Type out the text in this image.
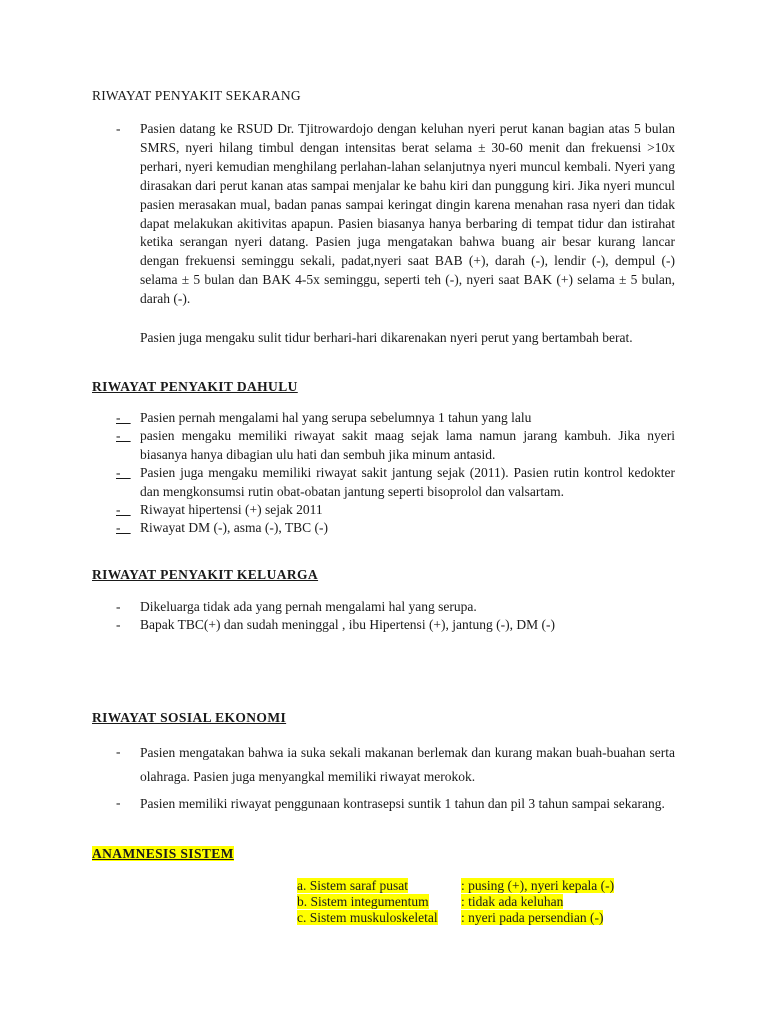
RIWAYAT PENYAKIT SEKARANG
- Pasien datang ke RSUD Dr. Tjitrowardojo dengan keluhan nyeri perut kanan bagian atas 5 bulan SMRS, nyeri hilang timbul dengan intensitas berat selama ± 30-60 menit dan frekuensi >10x perhari, nyeri kemudian menghilang perlahan-lahan selanjutnya nyeri muncul kembali. Nyeri yang dirasakan dari perut kanan atas sampai menjalar ke bahu kiri dan punggung kiri. Jika nyeri muncul pasien merasakan mual, badan panas sampai keringat dingin karena menahan rasa nyeri dan tidak dapat melakukan akitivitas apapun. Pasien biasanya hanya berbaring di tempat tidur dan istirahat ketika serangan nyeri datang. Pasien juga mengatakan bahwa buang air besar kurang lancar dengan frekuensi seminggu sekali, padat,nyeri saat BAB (+), darah (-), lendir (-), dempul (-) selama ± 5 bulan dan BAK 4-5x seminggu, seperti teh (-), nyeri saat BAK (+) selama ± 5 bulan, darah (-).

Pasien juga mengaku sulit tidur berhari-hari dikarenakan nyeri perut yang bertambah berat.

RIWAYAT PENYAKIT DAHULU
- Pasien pernah mengalami hal yang serupa sebelumnya 1 tahun yang lalu
- pasien mengaku memiliki riwayat sakit maag sejak lama namun jarang kambuh. Jika nyeri biasanya hanya dibagian ulu hati dan sembuh jika minum antasid.
- Pasien juga mengaku memiliki riwayat sakit jantung sejak (2011). Pasien rutin kontrol kedokter dan mengkonsumsi rutin obat-obatan jantung seperti bisoprolol dan valsartam.
- Riwayat hipertensi (+) sejak 2011
- Riwayat DM (-), asma (-), TBC (-)
RIWAYAT PENYAKIT KELUARGA
- Dikeluarga tidak ada yang pernah mengalami hal yang serupa.
- Bapak TBC(+) dan sudah meninggal , ibu Hipertensi (+), jantung (-), DM (-)
RIWAYAT SOSIAL EKONOMI
- Pasien mengatakan bahwa ia suka sekali makanan berlemak dan kurang makan buah-buahan serta olahraga. Pasien juga menyangkal memiliki riwayat merokok.
- Pasien memiliki riwayat penggunaan kontrasepsi suntik 1 tahun dan pil 3 tahun sampai sekarang.
ANAMNESIS SISTEM
a. Sistem saraf pusat	: pusing (+), nyeri kepala (-)
b. Sistem integumentum	: tidak ada keluhan
c. Sistem muskuloskeletal	: nyeri pada persendian (-)
